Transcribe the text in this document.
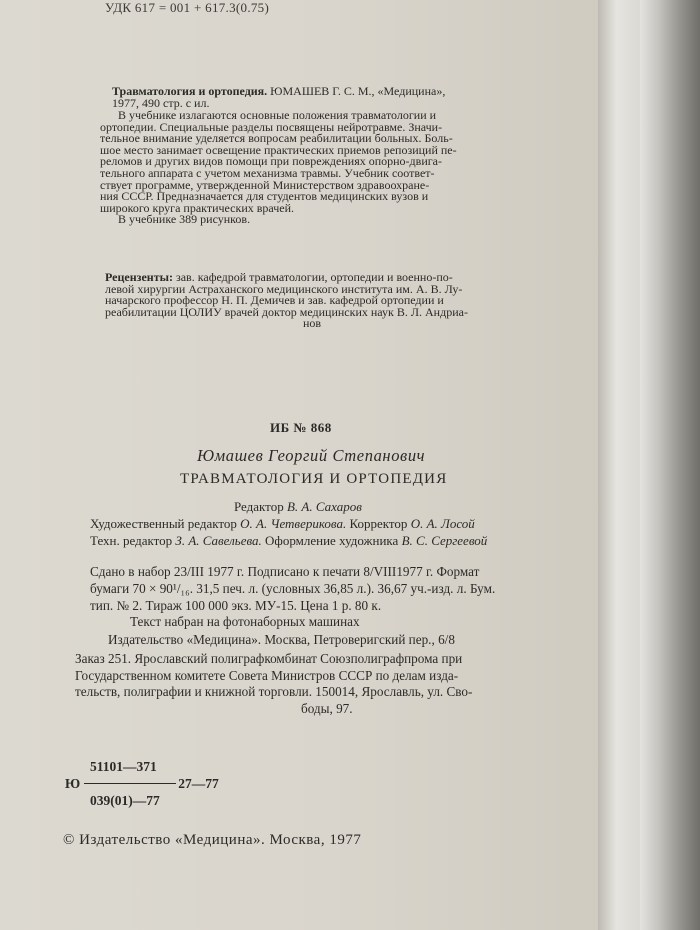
УДК 617 = 001 + 617.3(0.75)
Травматология и ортопедия. ЮМАШЕВ Г. С. М., «Медицина»,
1977, 490 стр. с ил.
В учебнике излагаются основные положения травматологии и
ортопедии. Специальные разделы посвящены нейротравме. Значи-
тельное внимание уделяется вопросам реабилитации больных. Боль-
шое место занимает освещение практических приемов репозиций пе-
реломов и других видов помощи при повреждениях опорно-двига-
тельного аппарата с учетом механизма травмы. Учебник соответ-
ствует программе, утвержденной Министерством здравоохране-
ния СССР. Предназначается для студентов медицинских вузов и
широкого круга практических врачей.
В учебнике 389 рисунков.
Рецензенты: зав. кафедрой травматологии, ортопедии и военно-по-
левой хирургии Астраханского медицинского института им. А. В. Лу-
начарского профессор Н. П. Демичев и зав. кафедрой ортопедии и
реабилитации ЦОЛИУ врачей доктор медицинских наук В. Л. Андриа-
нов
ИБ № 868
Юмашев Георгий Степанович
ТРАВМАТОЛОГИЯ И ОРТОПЕДИЯ
Редактор В. А. Сахаров
Художественный редактор О. А. Четверикова. Корректор О. А. Лосой
Техн. редактор З. А. Савельева. Оформление художника В. С. Сергеевой
Сдано в набор 23/III 1977 г. Подписано к печати 8/VIII1977 г. Формат
бумаги 70 × 90¹/₁₆. 31,5 печ. л. (условных 36,85 л.). 36,67 уч.-изд. л. Бум.
тип. № 2. Тираж 100 000 экз. МУ-15. Цена 1 р. 80 к.
Текст набран на фотонаборных машинах
Издательство «Медицина». Москва, Петроверигский пер., 6/8
Заказ 251. Ярославский полиграфкомбинат Союзполиграфпрома при
Государственном комитете Совета Министров СССР по делам изда-
тельств, полиграфии и книжной торговли. 150014, Ярославль, ул. Сво-
боды, 97.
51101—371
Ю	27—77
039(01)—77
© Издательство «Медицина». Москва, 1977
